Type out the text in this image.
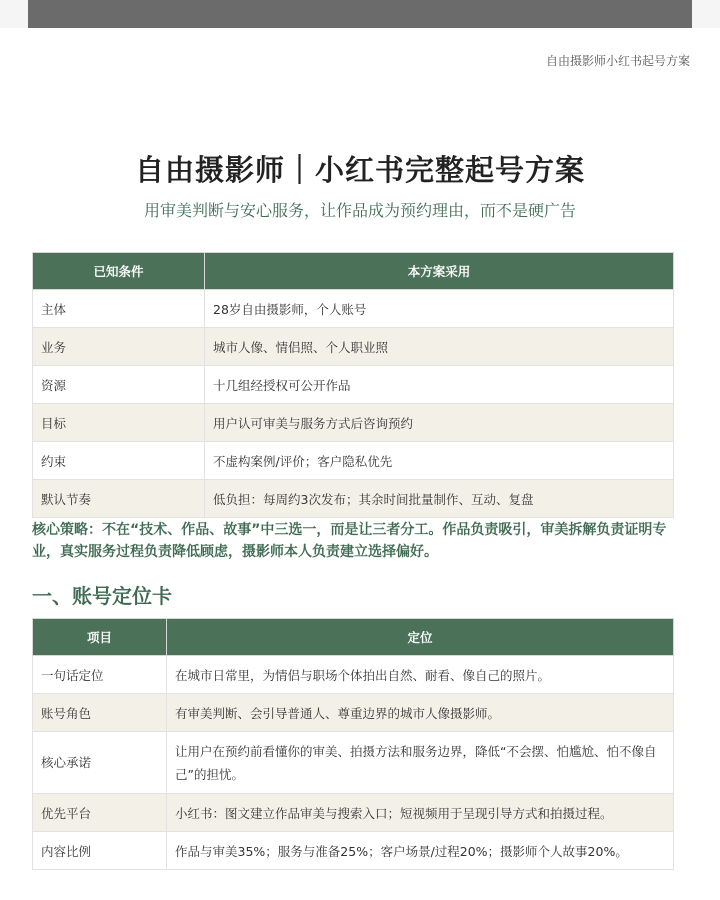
自由摄影师小红书起号方案
自由摄影师｜小红书完整起号方案
用审美判断与安心服务，让作品成为预约理由，而不是硬广告
已知条件	本方案采用
主体	28岁自由摄影师，个人账号
业务	城市人像、情侣照、个人职业照
资源	十几组经授权可公开作品
目标	用户认可审美与服务方式后咨询预约
约束	不虚构案例/评价；客户隐私优先
默认节奏	低负担：每周约3次发布；其余时间批量制作、互动、复盘
核心策略：不在“技术、作品、故事”中三选一，而是让三者分工。作品负责吸引，审美拆解负责证明专业，真实服务过程负责降低顾虑，摄影师本人负责建立选择偏好。
一、账号定位卡
项目	定位
一句话定位	在城市日常里，为情侣与职场个体拍出自然、耐看、像自己的照片。
账号角色	有审美判断、会引导普通人、尊重边界的城市人像摄影师。
核心承诺	让用户在预约前看懂你的审美、拍摄方法和服务边界，降低“不会摆、怕尴尬、怕不像自己”的担忧。
优先平台	小红书：图文建立作品审美与搜索入口；短视频用于呈现引导方式和拍摄过程。
内容比例	作品与审美35%；服务与准备25%；客户场景/过程20%；摄影师个人故事20%。
